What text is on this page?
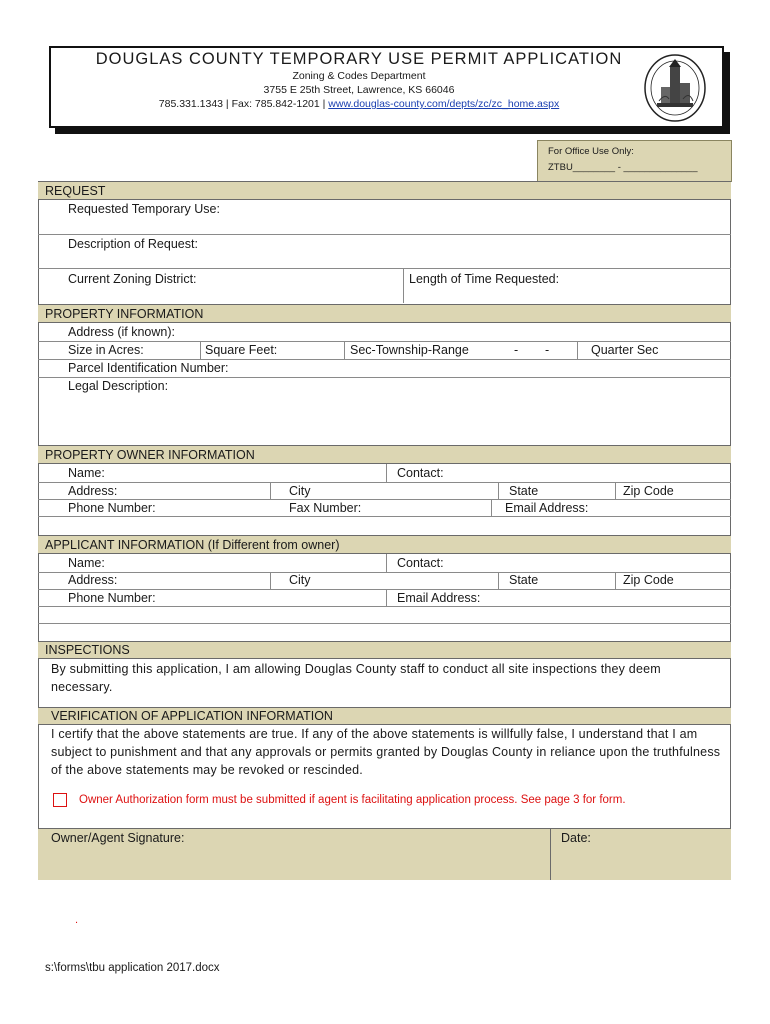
DOUGLAS COUNTY TEMPORARY USE PERMIT APPLICATION
Zoning & Codes Department
3755 E 25th Street, Lawrence, KS 66046
785.331.1343 | Fax: 785.842-1201 | www.douglas-county.com/depts/zc/zc_home.aspx
For Office Use Only:
ZTBU________ - ______________
REQUEST
Requested Temporary Use:
Description of Request:
Current Zoning District:	Length of Time Requested:
PROPERTY INFORMATION
Address (if known):
Size in Acres:	Square Feet:	Sec-Township-Range	- -	Quarter Sec
Parcel Identification Number:
Legal Description:
PROPERTY OWNER INFORMATION
Name:	Contact:
Address:	City	State	Zip Code
Phone Number:	Fax Number:	Email Address:
APPLICANT INFORMATION (If Different from owner)
Name:	Contact:
Address:	City	State	Zip Code
Phone Number:	Email Address:
INSPECTIONS
By submitting this application, I am allowing Douglas County staff to conduct all site inspections they deem necessary.
VERIFICATION OF APPLICATION INFORMATION
I certify that the above statements are true. If any of the above statements is willfully false, I understand that I am subject to punishment and that any approvals or permits granted by Douglas County in reliance upon the truthfulness of the above statements may be revoked or rescinded.
Owner Authorization form must be submitted if agent is facilitating application process. See page 3 for form.
Owner/Agent Signature:	Date:
.
s:\forms\tbu application 2017.docx
